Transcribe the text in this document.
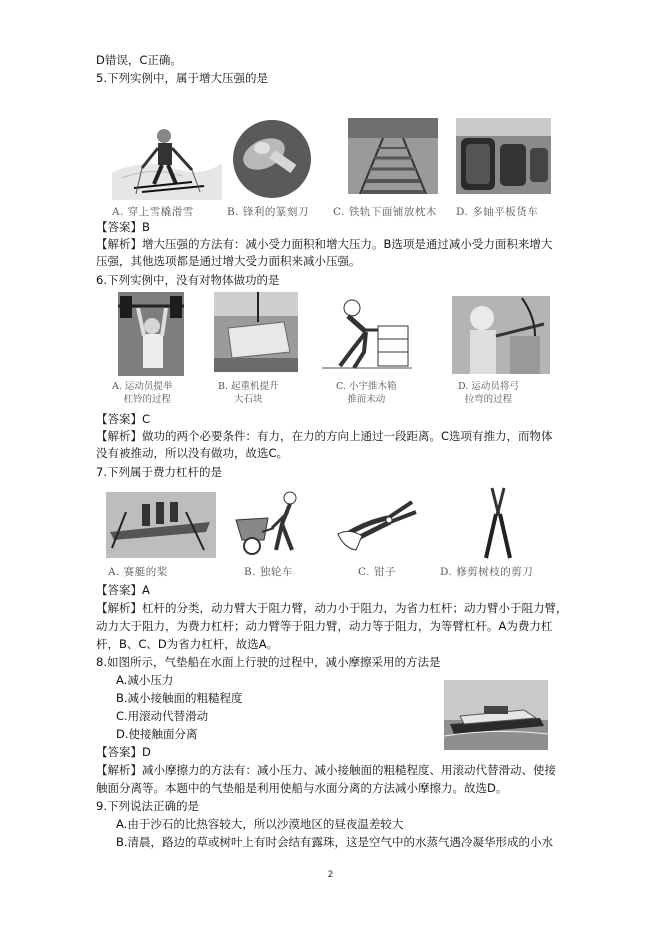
D错误，C正确。
5.下列实例中，属于增大压强的是
A. 穿上雪橇滑雪	B. 锋利的篆刻刀 C. 铁轨下面铺放枕木 D. 多轴平板货车
【答案】B
【解析】增大压强的方法有：减小受力面积和增大压力。B选项是通过减小受力面积来增大
压强，其他选项都是通过增大受力面积来减小压强。
6.下列实例中，没有对物体做功的是
A. 运动员提举
杠铃的过程
B. 起重机提升
大石块
C. 小宇推木箱
推而未动
D. 运动员将弓
拉弯的过程
【答案】C
【解析】做功的两个必要条件：有力，在力的方向上通过一段距离。C选项有推力，而物体
没有被推动，所以没有做功，故选C。
7.下列属于费力杠杆的是
A. 赛艇的桨	B. 独轮车	C. 钳子	D. 修剪树枝的剪刀
【答案】A
【解析】杠杆的分类，动力臂大于阻力臂，动力小于阻力，为省力杠杆；动力臂小于阻力臂，
动力大于阻力，为费力杠杆；动力臂等于阻力臂，动力等于阻力，为等臂杠杆。A为费力杠
杆，B、C、D为省力杠杆，故选A。
8.如图所示，气垫船在水面上行驶的过程中，减小摩擦采用的方法是
A.减小压力
B.减小接触面的粗糙程度
C.用滚动代替滑动
D.使接触面分离
【答案】D
【解析】减小摩擦力的方法有：减小压力、减小接触面的粗糙程度、用滚动代替滑动、使接
触面分离等。本题中的气垫船是利用使船与水面分离的方法减小摩擦力。故选D。
9.下列说法正确的是
A.由于沙石的比热容较大，所以沙漠地区的昼夜温差较大
B.清晨，路边的草或树叶上有时会结有露珠，这是空气中的水蒸气遇冷凝华形成的小水
2
